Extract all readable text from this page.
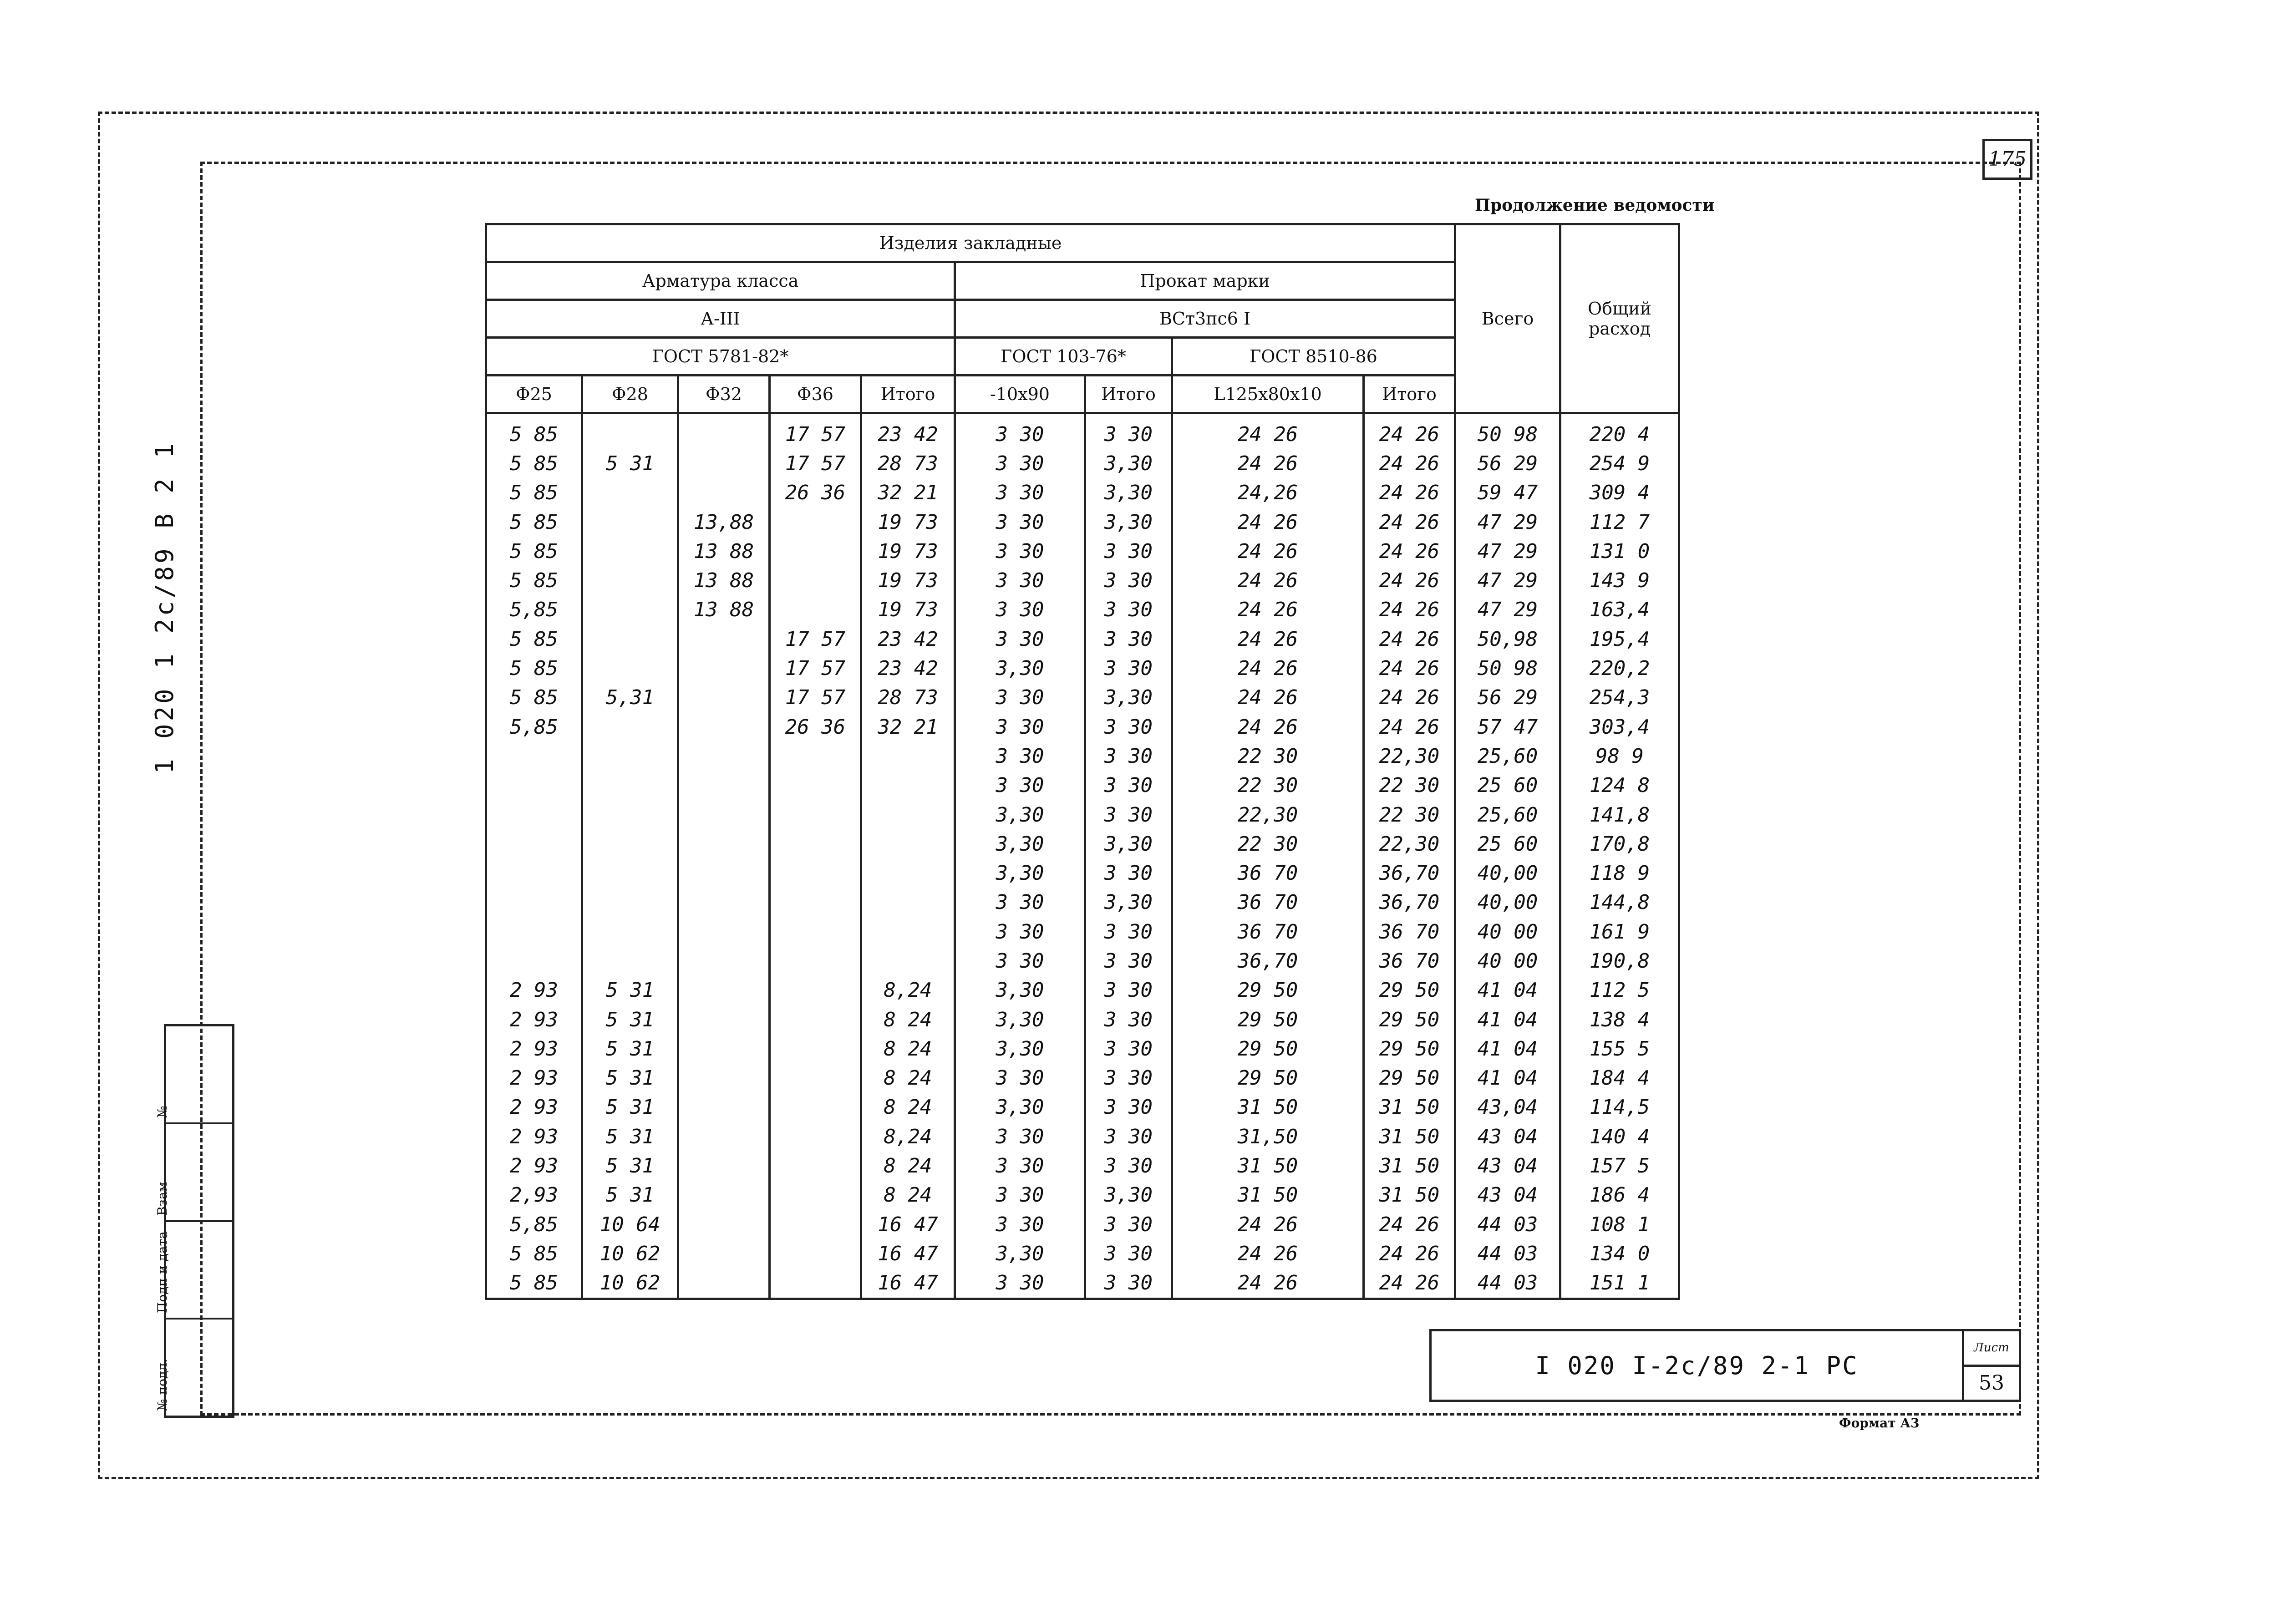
175
Продолжение ведомости
1 020 1 2с/89 В 2 1
№
Взам
Подп и дата
№ подл.
Изделия закладные									Всего	Общий расход
Арматура класса					Прокат марки					
А-III					ВСт3пс6 I					
ГОСТ 5781-82*					ГОСТ 103-76*		ГОСТ 8510-86			
Ф25	Ф28	Ф32	Ф36	Итого	-10х90	Итого	L125х80х10	Итого		
5 85			17 57	23 42	3 30	3 30	24 26	24 26	50 98	220 4
5 85	5 31		17 57	28 73	3 30	3,30	24 26	24 26	56 29	254 9
5 85			26 36	32 21	3 30	3,30	24,26	24 26	59 47	309 4
5 85		13,88		19 73	3 30	3,30	24 26	24 26	47 29	112 7
5 85		13 88		19 73	3 30	3 30	24 26	24 26	47 29	131 0
5 85		13 88		19 73	3 30	3 30	24 26	24 26	47 29	143 9
5,85		13 88		19 73	3 30	3 30	24 26	24 26	47 29	163,4
5 85			17 57	23 42	3 30	3 30	24 26	24 26	50,98	195,4
5 85			17 57	23 42	3,30	3 30	24 26	24 26	50 98	220,2
5 85	5,31		17 57	28 73	3 30	3,30	24 26	24 26	56 29	254,3
5,85			26 36	32 21	3 30	3 30	24 26	24 26	57 47	303,4
					3 30	3 30	22 30	22,30	25,60	98 9
					3 30	3 30	22 30	22 30	25 60	124 8
					3,30	3 30	22,30	22 30	25,60	141,8
					3,30	3,30	22 30	22,30	25 60	170,8
					3,30	3 30	36 70	36,70	40,00	118 9
					3 30	3,30	36 70	36,70	40,00	144,8
					3 30	3 30	36 70	36 70	40 00	161 9
					3 30	3 30	36,70	36 70	40 00	190,8
2 93	5 31			8,24	3,30	3 30	29 50	29 50	41 04	112 5
2 93	5 31			8 24	3,30	3 30	29 50	29 50	41 04	138 4
2 93	5 31			8 24	3,30	3 30	29 50	29 50	41 04	155 5
2 93	5 31			8 24	3 30	3 30	29 50	29 50	41 04	184 4
2 93	5 31			8 24	3,30	3 30	31 50	31 50	43,04	114,5
2 93	5 31			8,24	3 30	3 30	31,50	31 50	43 04	140 4
2 93	5 31			8 24	3 30	3 30	31 50	31 50	43 04	157 5
2,93	5 31			8 24	3 30	3,30	31 50	31 50	43 04	186 4
5,85	10 64			16 47	3 30	3 30	24 26	24 26	44 03	108 1
5 85	10 62			16 47	3,30	3 30	24 26	24 26	44 03	134 0
5 85	10 62			16 47	3 30	3 30	24 26	24 26	44 03	151 1
I 020 I-2с/89 2-1 РС
Лист
53
Формат А3
